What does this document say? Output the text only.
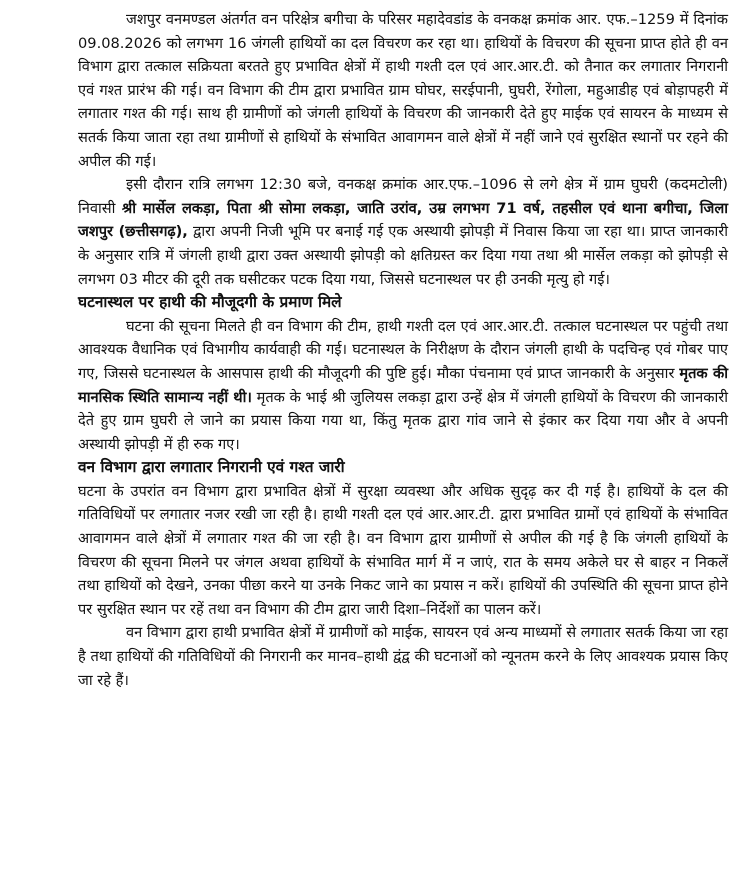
जशपुर वनमण्डल अंतर्गत वन परिक्षेत्र बगीचा के परिसर महादेवडांड के वनकक्ष क्रमांक आर. एफ.–1259 में दिनांक 09.08.2026 को लगभग 16 जंगली हाथियों का दल विचरण कर रहा था। हाथियों के विचरण की सूचना प्राप्त होते ही वन विभाग द्वारा तत्काल सक्रियता बरतते हुए प्रभावित क्षेत्रों में हाथी गश्ती दल एवं आर.आर.टी. को तैनात कर लगातार निगरानी एवं गश्त प्रारंभ की गई। वन विभाग की टीम द्वारा प्रभावित ग्राम घोघर, सरईपानी, घुघरी, रेंगोला, महुआडीह एवं बोड़ापहरी में लगातार गश्त की गई। साथ ही ग्रामीणों को जंगली हाथियों के विचरण की जानकारी देते हुए माईक एवं सायरन के माध्यम से सतर्क किया जाता रहा तथा ग्रामीणों से हाथियों के संभावित आवागमन वाले क्षेत्रों में नहीं जाने एवं सुरक्षित स्थानों पर रहने की अपील की गई।

इसी दौरान रात्रि लगभग 12:30 बजे, वनकक्ष क्रमांक आर.एफ.–1096 से लगे क्षेत्र में ग्राम घुघरी (कदमटोली) निवासी श्री मार्सेल लकड़ा, पिता श्री सोमा लकड़ा, जाति उरांव, उम्र लगभग 71 वर्ष, तहसील एवं थाना बगीचा, जिला जशपुर (छत्तीसगढ़), द्वारा अपनी निजी भूमि पर बनाई गई एक अस्थायी झोपड़ी में निवास किया जा रहा था। प्राप्त जानकारी के अनुसार रात्रि में जंगली हाथी द्वारा उक्त अस्थायी झोपड़ी को क्षतिग्रस्त कर दिया गया तथा श्री मार्सेल लकड़ा को झोपड़ी से लगभग 03 मीटर की दूरी तक घसीटकर पटक दिया गया, जिससे घटनास्थल पर ही उनकी मृत्यु हो गई।

घटनास्थल पर हाथी की मौजूदगी के प्रमाण मिले

घटना की सूचना मिलते ही वन विभाग की टीम, हाथी गश्ती दल एवं आर.आर.टी. तत्काल घटनास्थल पर पहुंची तथा आवश्यक वैधानिक एवं विभागीय कार्यवाही की गई। घटनास्थल के निरीक्षण के दौरान जंगली हाथी के पदचिन्ह एवं गोबर पाए गए, जिससे घटनास्थल के आसपास हाथी की मौजूदगी की पुष्टि हुई। मौका पंचनामा एवं प्राप्त जानकारी के अनुसार मृतक की मानसिक स्थिति सामान्य नहीं थी। मृतक के भाई श्री जुलियस लकड़ा द्वारा उन्हें क्षेत्र में जंगली हाथियों के विचरण की जानकारी देते हुए ग्राम घुघरी ले जाने का प्रयास किया गया था, किंतु मृतक द्वारा गांव जाने से इंकार कर दिया गया और वे अपनी अस्थायी झोपड़ी में ही रुक गए।

वन विभाग द्वारा लगातार निगरानी एवं गश्त जारी

घटना के उपरांत वन विभाग द्वारा प्रभावित क्षेत्रों में सुरक्षा व्यवस्था और अधिक सुदृढ़ कर दी गई है। हाथियों के दल की गतिविधियों पर लगातार नजर रखी जा रही है। हाथी गश्ती दल एवं आर.आर.टी. द्वारा प्रभावित ग्रामों एवं हाथियों के संभावित आवागमन वाले क्षेत्रों में लगातार गश्त की जा रही है। वन विभाग द्वारा ग्रामीणों से अपील की गई है कि जंगली हाथियों के विचरण की सूचना मिलने पर जंगल अथवा हाथियों के संभावित मार्ग में न जाएं, रात के समय अकेले घर से बाहर न निकलें तथा हाथियों को देखने, उनका पीछा करने या उनके निकट जाने का प्रयास न करें। हाथियों की उपस्थिति की सूचना प्राप्त होने पर सुरक्षित स्थान पर रहें तथा वन विभाग की टीम द्वारा जारी दिशा–निर्देशों का पालन करें।

वन विभाग द्वारा हाथी प्रभावित क्षेत्रों में ग्रामीणों को माईक, सायरन एवं अन्य माध्यमों से लगातार सतर्क किया जा रहा है तथा हाथियों की गतिविधियों की निगरानी कर मानव–हाथी द्वंद्व की घटनाओं को न्यूनतम करने के लिए आवश्यक प्रयास किए जा रहे हैं।
